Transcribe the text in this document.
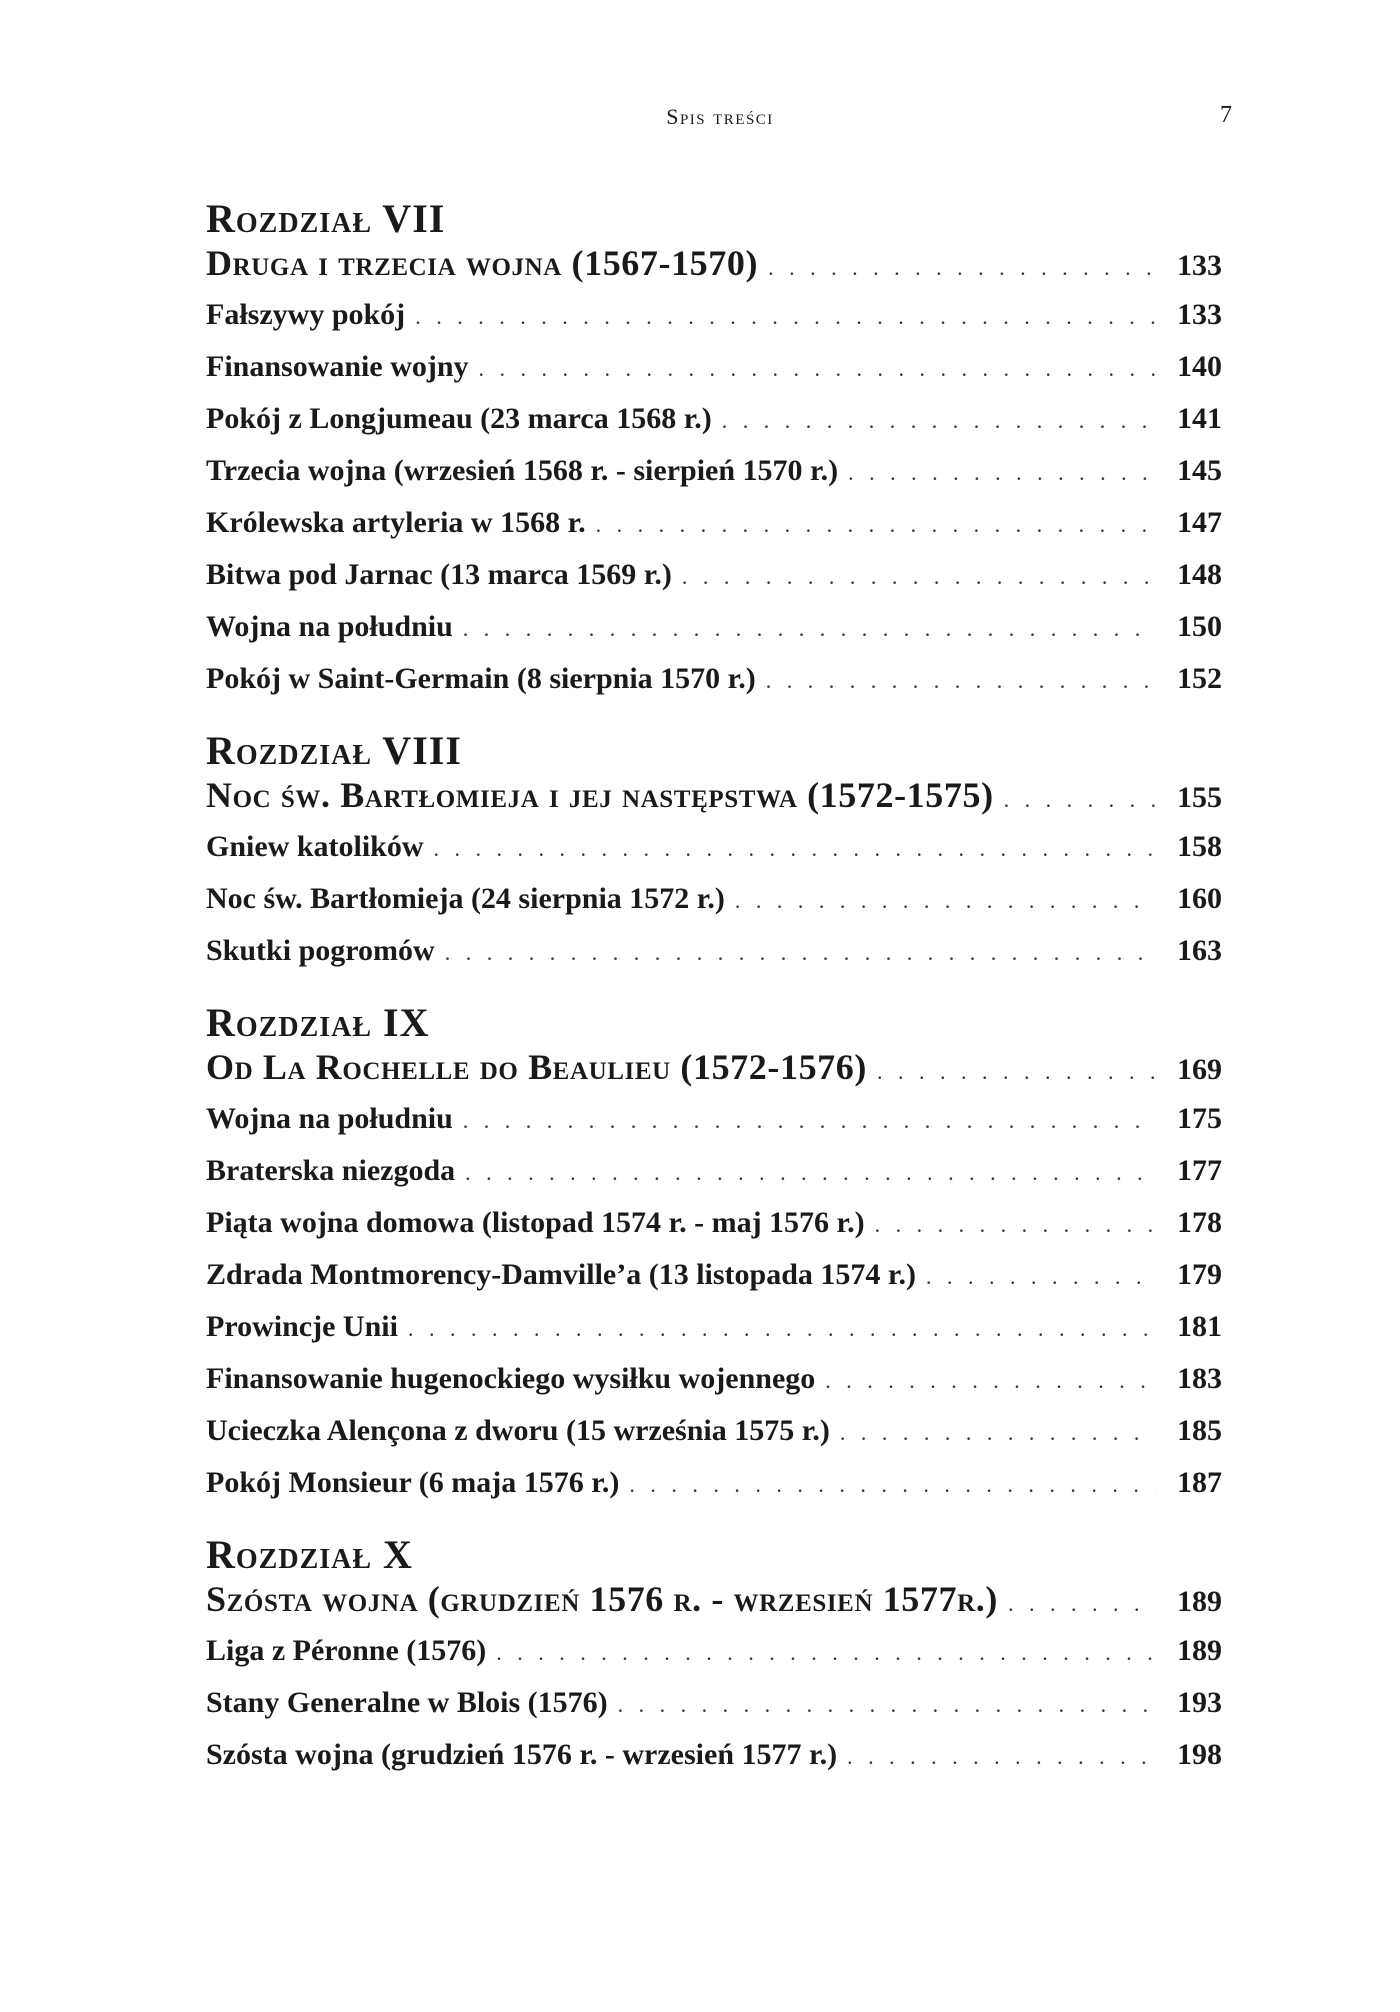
Spis treści	7
Rozdział VII
Druga i trzecia wojna (1567-1570) . . .	133
Fałszywy pokój . . .	133
Finansowanie wojny . . .	140
Pokój z Longjumeau (23 marca 1568 r.) . . .	141
Trzecia wojna (wrzesień 1568 r. - sierpień 1570 r.) . . .	145
Królewska artyleria w 1568 r. . . .	147
Bitwa pod Jarnac (13 marca 1569 r.) . . .	148
Wojna na południu . . .	150
Pokój w Saint-Germain (8 sierpnia 1570 r.) . . .	152
Rozdział VIII
Noc św. Bartłomieja i jej następstwa (1572-1575) . . .	155
Gniew katolików . . .	158
Noc św. Bartłomieja (24 sierpnia 1572 r.) . . .	160
Skutki pogromów . . .	163
Rozdział IX
Od La Rochelle do Beaulieu (1572-1576) . . .	169
Wojna na południu . . .	175
Braterska niezgoda . . .	177
Piąta wojna domowa (listopad 1574 r. - maj 1576 r.) . . .	178
Zdrada Montmorency-Damville’a (13 listopada 1574 r.) . . .	179
Prowincje Unii . . .	181
Finansowanie hugenockiego wysiłku wojennego . . .	183
Ucieczka Alençona z dworu (15 września 1575 r.) . . .	185
Pokój Monsieur (6 maja 1576 r.) . . .	187
Rozdział X
Szósta wojna (grudzień 1576 r. - wrzesień 1577r.) . . .	189
Liga z Péronne (1576) . . .	189
Stany Generalne w Blois (1576) . . .	193
Szósta wojna (grudzień 1576 r. - wrzesień 1577 r.) . . .	198
